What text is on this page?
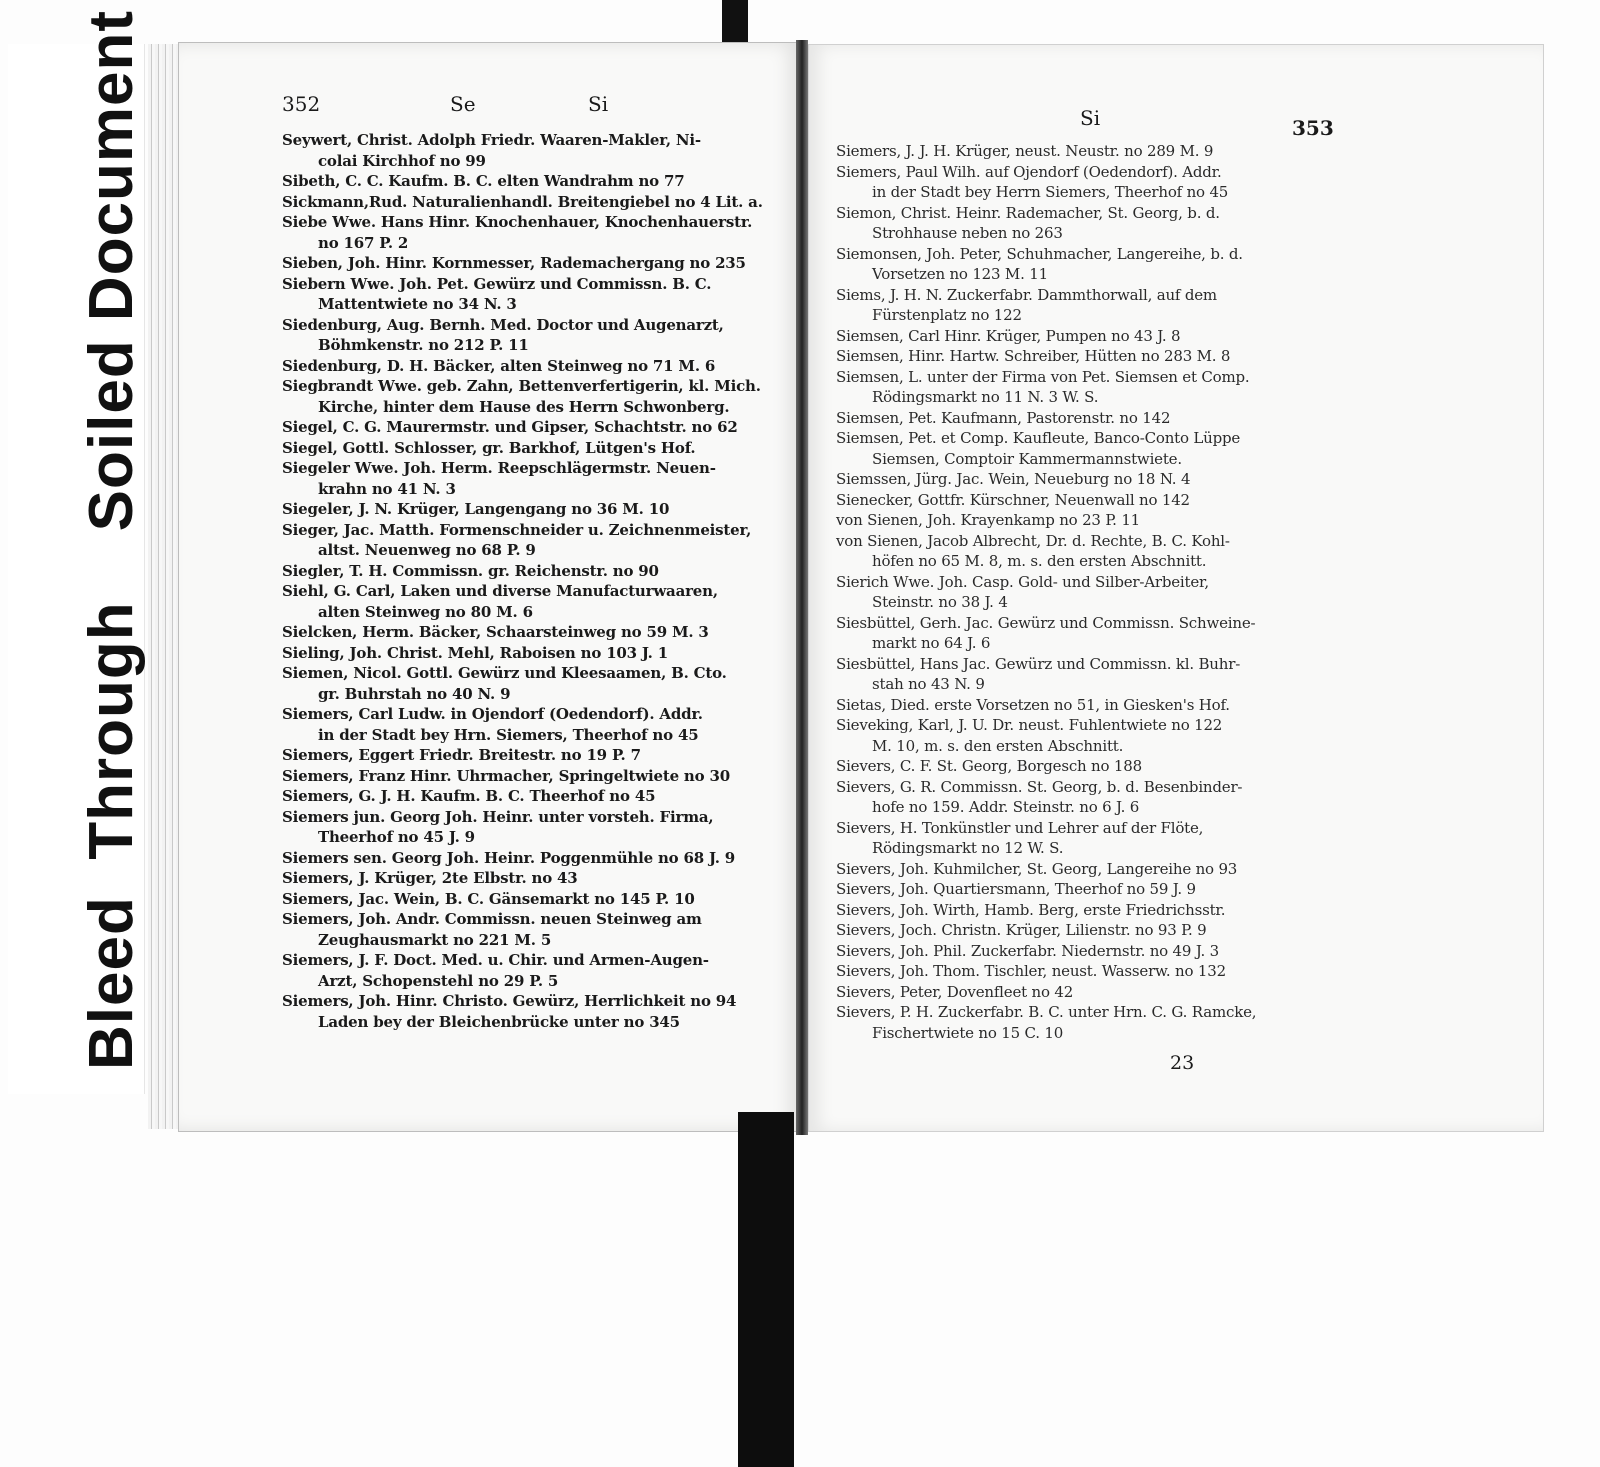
Bleed  ThroughSoiled Document	352	Se	Si
Si	353
Seywert, Christ. Adolph Friedr. Waaren-Makler, Ni-
colai Kirchhof no 99
Sibeth, C. C. Kaufm. B. C. elten Wandrahm no 77
Sickmann,Rud. Naturalienhandl. Breitengiebel no 4 Lit. a.
Siebe Wwe. Hans Hinr. Knochenhauer, Knochenhauerstr.
no 167 P. 2
Sieben, Joh. Hinr. Kornmesser, Rademachergang no 235
Siebern Wwe. Joh. Pet. Gewürz und Commissn. B. C.
Mattentwiete no 34 N. 3
Siedenburg, Aug. Bernh. Med. Doctor und Augenarzt,
Böhmkenstr. no 212 P. 11
Siedenburg, D. H. Bäcker, alten Steinweg no 71 M. 6
Siegbrandt Wwe. geb. Zahn, Bettenverfertigerin, kl. Mich.
Kirche, hinter dem Hause des Herrn Schwonberg.
Siegel, C. G. Maurermstr. und Gipser, Schachtstr. no 62
Siegel, Gottl. Schlosser, gr. Barkhof, Lütgen's Hof.
Siegeler Wwe. Joh. Herm. Reepschlägermstr. Neuen-
krahn no 41 N. 3
Siegeler, J. N. Krüger, Langengang no 36 M. 10
Sieger, Jac. Matth. Formenschneider u. Zeichnenmeister,
altst. Neuenweg no 68 P. 9
Siegler, T. H. Commissn. gr. Reichenstr. no 90
Siehl, G. Carl, Laken und diverse Manufacturwaaren,
alten Steinweg no 80 M. 6
Sielcken, Herm. Bäcker, Schaarsteinweg no 59 M. 3
Sieling, Joh. Christ. Mehl, Raboisen no 103 J. 1
Siemen, Nicol. Gottl. Gewürz und Kleesaamen, B. Cto.
gr. Buhrstah no 40 N. 9
Siemers, Carl Ludw. in Ojendorf (Oedendorf). Addr.
in der Stadt bey Hrn. Siemers, Theerhof no 45
Siemers, Eggert Friedr. Breitestr. no 19 P. 7
Siemers, Franz Hinr. Uhrmacher, Springeltwiete no 30
Siemers, G. J. H. Kaufm. B. C. Theerhof no 45
Siemers jun. Georg Joh. Heinr. unter vorsteh. Firma,
Theerhof no 45 J. 9
Siemers sen. Georg Joh. Heinr. Poggenmühle no 68 J. 9
Siemers, J. Krüger, 2te Elbstr. no 43
Siemers, Jac. Wein, B. C. Gänsemarkt no 145 P. 10
Siemers, Joh. Andr. Commissn. neuen Steinweg am
Zeughausmarkt no 221 M. 5
Siemers, J. F. Doct. Med. u. Chir. und Armen-Augen-
Arzt, Schopenstehl no 29 P. 5
Siemers, Joh. Hinr. Christo. Gewürz, Herrlichkeit no 94
Laden bey der Bleichenbrücke unter no 345
Siemers, J. J. H. Krüger, neust. Neustr. no 289 M. 9
Siemers, Paul Wilh. auf Ojendorf (Oedendorf). Addr.
in der Stadt bey Herrn Siemers, Theerhof no 45
Siemon, Christ. Heinr. Rademacher, St. Georg, b. d.
Strohhause neben no 263
Siemonsen, Joh. Peter, Schuhmacher, Langereihe, b. d.
Vorsetzen no 123 M. 11
Siems, J. H. N. Zuckerfabr. Dammthorwall, auf dem
Fürstenplatz no 122
Siemsen, Carl Hinr. Krüger, Pumpen no 43 J. 8
Siemsen, Hinr. Hartw. Schreiber, Hütten no 283 M. 8
Siemsen, L. unter der Firma von Pet. Siemsen et Comp.
Rödingsmarkt no 11 N. 3 W. S.
Siemsen, Pet. Kaufmann, Pastorenstr. no 142
Siemsen, Pet. et Comp. Kaufleute, Banco-Conto Lüppe
Siemsen, Comptoir Kammermannstwiete.
Siemssen, Jürg. Jac. Wein, Neueburg no 18 N. 4
Sienecker, Gottfr. Kürschner, Neuenwall no 142
von Sienen, Joh. Krayenkamp no 23 P. 11
von Sienen, Jacob Albrecht, Dr. d. Rechte, B. C. Kohl-
höfen no 65 M. 8, m. s. den ersten Abschnitt.
Sierich Wwe. Joh. Casp. Gold- und Silber-Arbeiter,
Steinstr. no 38 J. 4
Siesbüttel, Gerh. Jac. Gewürz und Commissn. Schweine-
markt no 64 J. 6
Siesbüttel, Hans Jac. Gewürz und Commissn. kl. Buhr-
stah no 43 N. 9
Sietas, Died. erste Vorsetzen no 51, in Giesken's Hof.
Sieveking, Karl, J. U. Dr. neust. Fuhlentwiete no 122
M. 10, m. s. den ersten Abschnitt.
Sievers, C. F. St. Georg, Borgesch no 188
Sievers, G. R. Commissn. St. Georg, b. d. Besenbinder-
hofe no 159. Addr. Steinstr. no 6 J. 6
Sievers, H. Tonkünstler und Lehrer auf der Flöte,
Rödingsmarkt no 12 W. S.
Sievers, Joh. Kuhmilcher, St. Georg, Langereihe no 93
Sievers, Joh. Quartiersmann, Theerhof no 59 J. 9
Sievers, Joh. Wirth, Hamb. Berg, erste Friedrichsstr.
Sievers, Joch. Christn. Krüger, Lilienstr. no 93 P. 9
Sievers, Joh. Phil. Zuckerfabr. Niedernstr. no 49 J. 3
Sievers, Joh. Thom. Tischler, neust. Wasserw. no 132
Sievers, Peter, Dovenfleet no 42
Sievers, P. H. Zuckerfabr. B. C. unter Hrn. C. G. Ramcke,
Fischertwiete no 15 C. 10
23
